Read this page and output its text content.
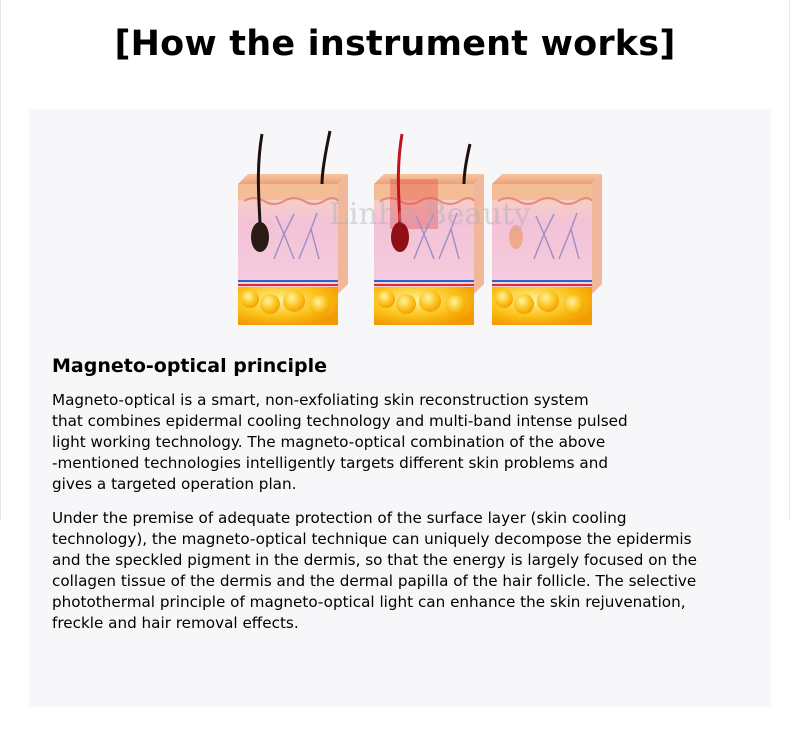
[How the instrument works]
Linho Beauty
Magneto-optical principle

Magneto-optical is a smart, non-exfoliating skin reconstruction system
that combines epidermal cooling technology and multi-band intense pulsed
light working technology. The magneto-optical combination of the above
-mentioned technologies intelligently targets different skin problems and
gives a targeted operation plan.

Under the premise of adequate protection of the surface layer (skin cooling
technology), the magneto-optical technique can uniquely decompose the epidermis
and the speckled pigment in the dermis, so that the energy is largely focused on the
collagen tissue of the dermis and the dermal papilla of the hair follicle. The selective
photothermal principle of magneto-optical light can enhance the skin rejuvenation,
freckle and hair removal effects.
